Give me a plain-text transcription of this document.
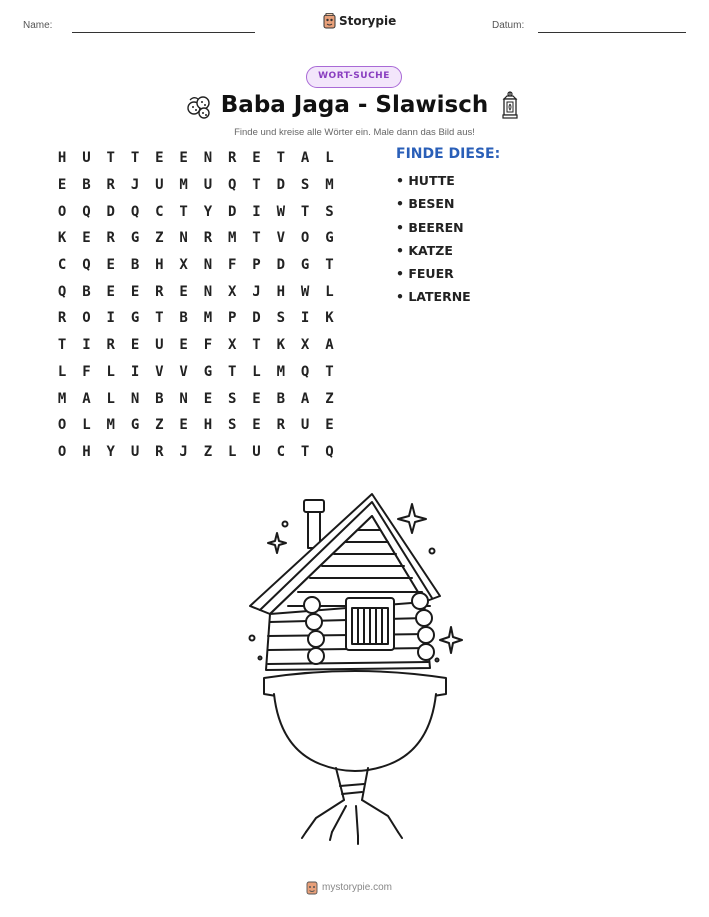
Name:	Storypie	Datum:
WORT-SUCHE
Baba Jaga - Slawisch
Finde und kreise alle Wörter ein. Male dann das Bild aus!
H	U	T	T	E	E	N	R	E	T	A	L
E	B	R	J	U	M	U	Q	T	D	S	M
O	Q	D	Q	C	T	Y	D	I	W	T	S
K	E	R	G	Z	N	R	M	T	V	O	G
C	Q	E	B	H	X	N	F	P	D	G	T
Q	B	E	E	R	E	N	X	J	H	W	L
R	O	I	G	T	B	M	P	D	S	I	K
T	I	R	E	U	E	F	X	T	K	X	A
L	F	L	I	V	V	G	T	L	M	Q	T
M	A	L	N	B	N	E	S	E	B	A	Z
O	L	M	G	Z	E	H	S	E	R	U	E
O	H	Y	U	R	J	Z	L	U	C	T	Q
FINDE DIESE:
• HUTTE
• BESEN
• BEEREN
• KATZE
• FEUER
• LATERNE
mystorypie.com
